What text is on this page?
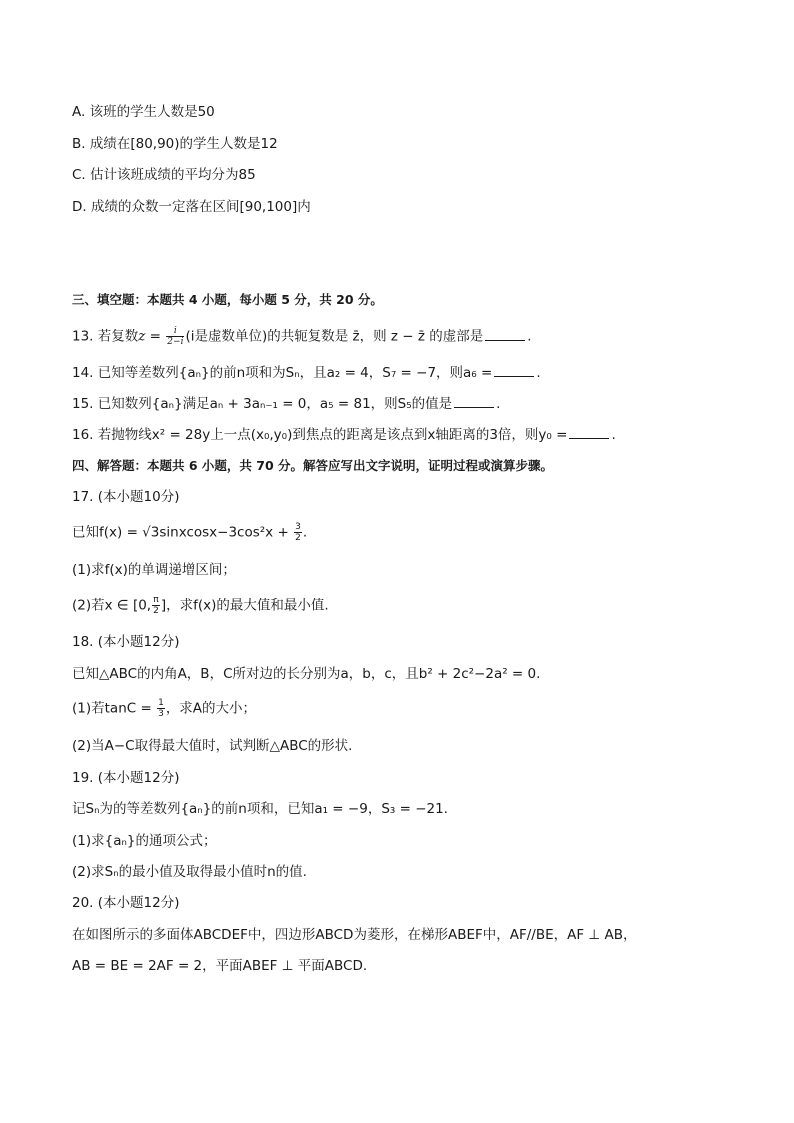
A. 该班的学生人数是50
B. 成绩在[80,90)的学生人数是12
C. 估计该班成绩的平均分为85
D. 成绩的众数一定落在区间[90,100]内
三、填空题：本题共 4 小题，每小题 5 分，共 20 分。
13. 若复数$z = \frac{i}{2-i} (i$是虚数单位)的共轭复数是 z̄，则 z − z̄ 的虚部是	.
14. 已知等差数列{aₙ}的前n项和为Sₙ，且a₂ = 4，S₇ = −7，则a₆ =	.
15. 已知数列{aₙ}满足aₙ + 3aₙ₋₁ = 0，a₅ = 81，则S₅的值是	.
16. 若抛物线x² = 28y上一点(x₀,y₀)到焦点的距离是该点到x轴距离的3倍，则y₀ =	.
四、解答题：本题共 6 小题，共 70 分。解答应写出文字说明，证明过程或演算步骤。
17. (本小题10分)
已知f(x) = √3sinxcosx−3cos²x + $\frac{3}{2}$ .
(1)求f(x)的单调递增区间；
(2)若x ∈ [0, $\frac{\pi}{2}$ ]，求f(x)的最大值和最小值.
18. (本小题12分)
已知△ABC的内角A，B，C所对边的长分别为a，b，c，且b² + 2c²−2a² = 0.
(1)若$\tan C = \frac{1}{3}$ ，求A的大小；
(2)当A−C取得最大值时，试判断△ABC的形状.
19. (本小题12分)
记Sₙ为的等差数列{aₙ}的前n项和，已知a₁ = −9，S₃ = −21.
(1)求{aₙ}的通项公式；
(2)求Sₙ的最小值及取得最小值时n的值.
20. (本小题12分)
在如图所示的多面体ABCDEF中，四边形ABCD为菱形，在梯形ABEF中，AF//BE，AF ⊥ AB，
AB = BE = 2AF = 2，平面ABEF ⊥ 平面ABCD.
